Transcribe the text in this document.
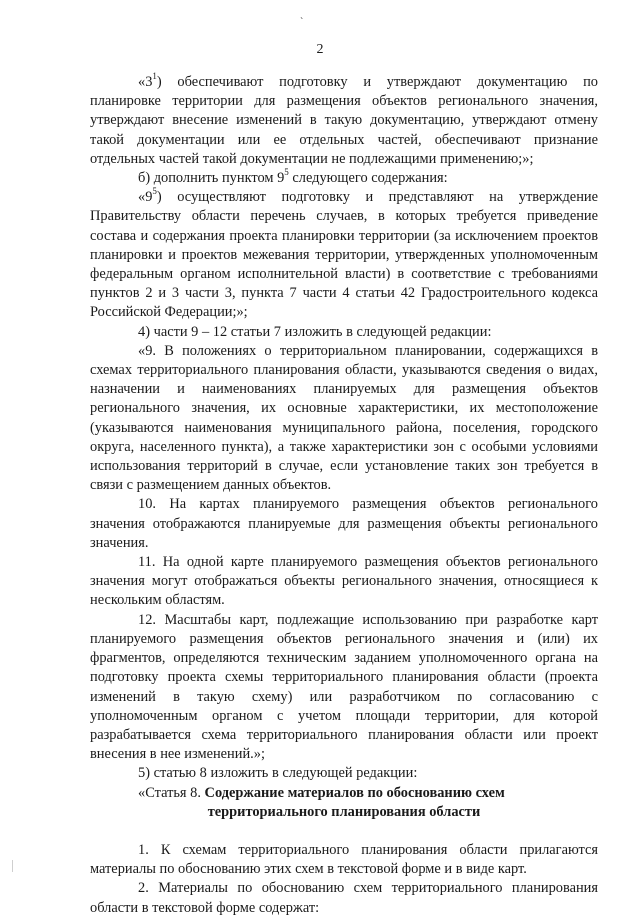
`
2

«$3^1$) обеспечивают подготовку и утверждают документацию по планировке территории для размещения объектов регионального значения, утверждают внесение изменений в такую документацию, утверждают отмену такой документации или ее отдельных частей, обеспечивают признание отдельных частей такой документации не подлежащими применению;»;

б) дополнить пунктом $9^5$ следующего содержания:

«$9^5$) осуществляют подготовку и представляют на утверждение Правительству области перечень случаев, в которых требуется приведение состава и содержания проекта планировки территории (за исключением проектов планировки и проектов межевания территории, утвержденных уполномоченным федеральным органом исполнительной власти) в соответствие с требованиями пунктов 2 и 3 части 3, пункта 7 части 4 статьи 42 Градостроительного кодекса Российской Федерации;»;

4) части 9 – 12 статьи 7 изложить в следующей редакции:

«9. В положениях о территориальном планировании, содержащихся в схемах территориального планирования области, указываются сведения о видах, назначении и наименованиях планируемых для размещения объектов регионального значения, их основные характеристики, их местоположение (указываются наименования муниципального района, поселения, городского округа, населенного пункта), а также характеристики зон с особыми условиями использования территорий в случае, если установление таких зон требуется в связи с размещением данных объектов.

10. На картах планируемого размещения объектов регионального значения отображаются планируемые для размещения объекты регионального значения.

11. На одной карте планируемого размещения объектов регионального значения могут отображаться объекты регионального значения, относящиеся к нескольким областям.

12. Масштабы карт, подлежащие использованию при разработке карт планируемого размещения объектов регионального значения и (или) их фрагментов, определяются техническим заданием уполномоченного органа на подготовку проекта схемы территориального планирования области (проекта изменений в такую схему) или разработчиком по согласованию с уполномоченным органом с учетом площади территории, для которой разрабатывается схема территориального планирования области или проект внесения в нее изменений.»;

5) статью 8 изложить в следующей редакции:

«Статья 8. Содержание материалов по обоснованию схем

территориального планирования области

1. К схемам территориального планирования области прилагаются материалы по обоснованию этих схем в текстовой форме и в виде карт.

2. Материалы по обоснованию схем территориального планирования области в текстовой форме содержат:
